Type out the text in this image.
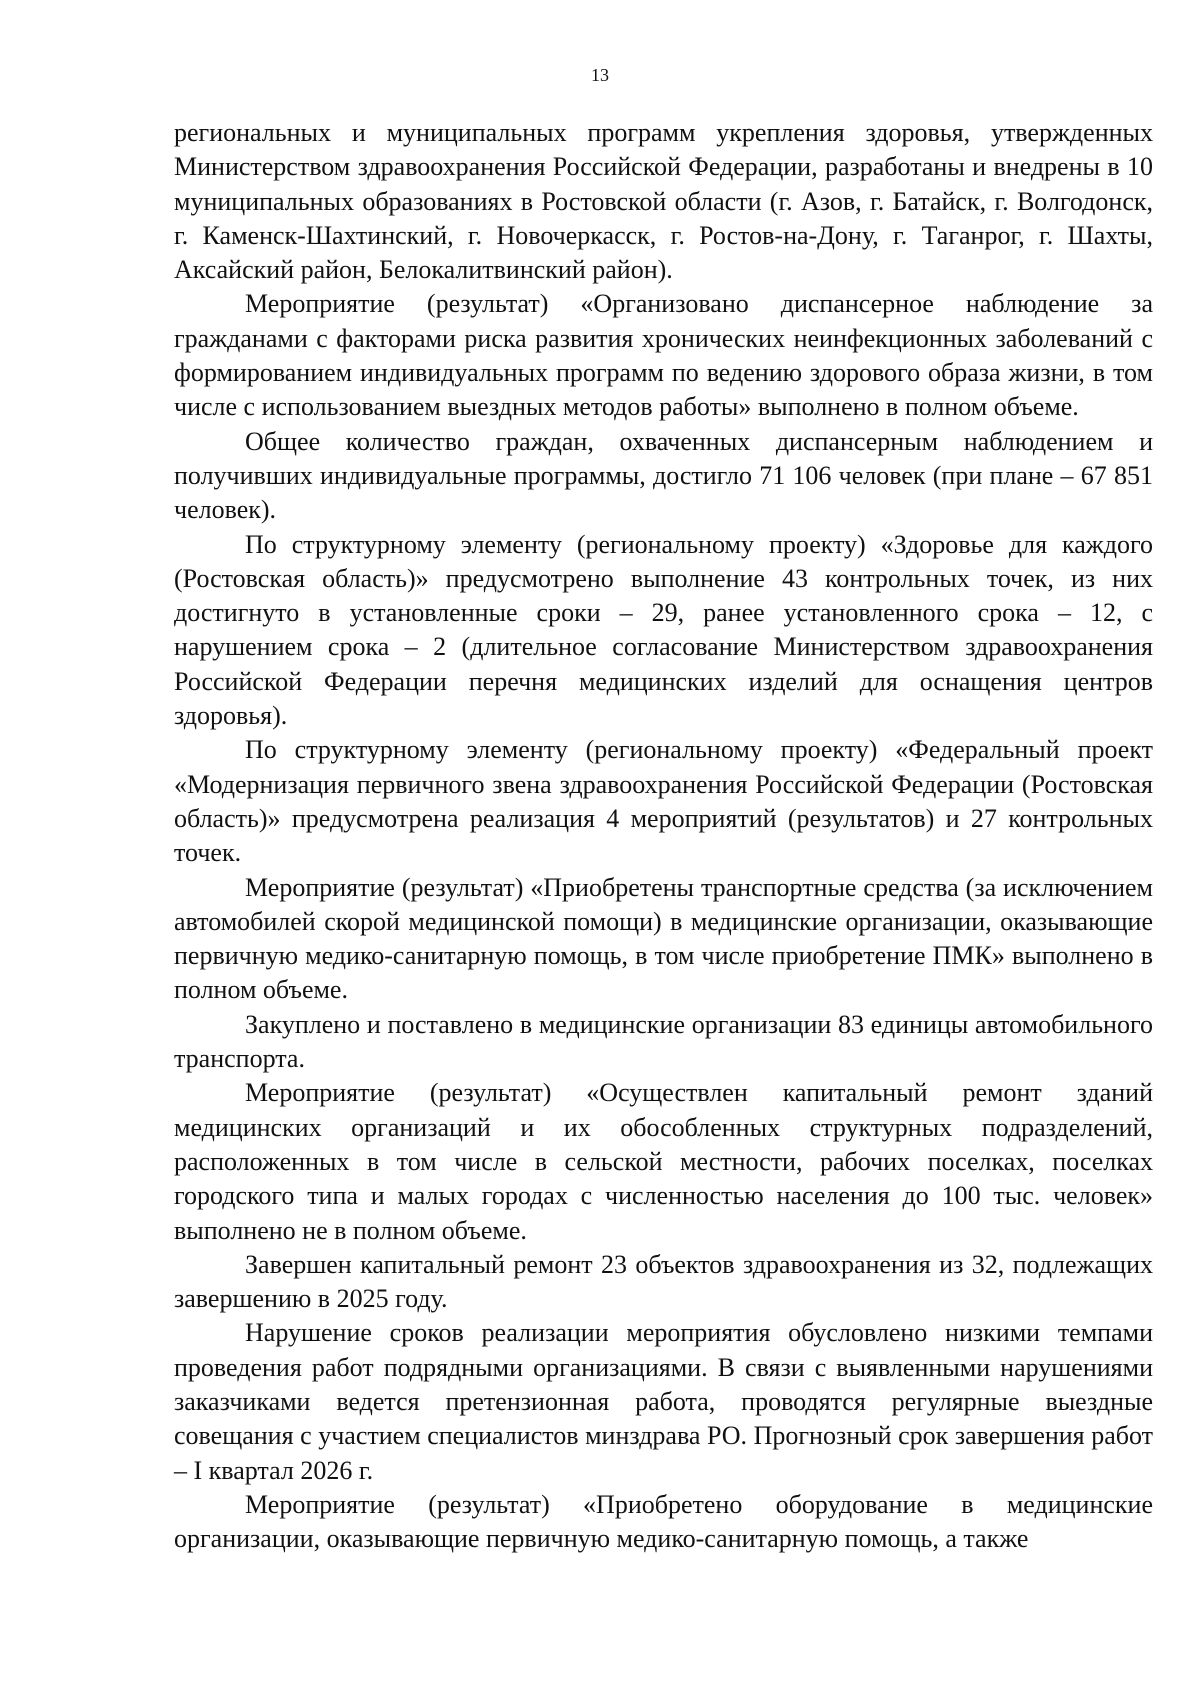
13

региональных и муниципальных программ укрепления здоровья, утвержденных Министерством здравоохранения Российской Федерации, разработаны и внедрены в 10 муниципальных образованиях в Ростовской области (г. Азов, г. Батайск, г. Волгодонск, г. Каменск-Шахтинский, г. Новочеркасск, г. Ростов-на-Дону, г. Таганрог, г. Шахты, Аксайский район, Белокалитвинский район).

Мероприятие (результат) «Организовано диспансерное наблюдение за гражданами с факторами риска развития хронических неинфекционных заболеваний с формированием индивидуальных программ по ведению здорового образа жизни, в том числе с использованием выездных методов работы» выполнено в полном объеме.

Общее количество граждан, охваченных диспансерным наблюдением и получивших индивидуальные программы, достигло 71 106 человек (при плане – 67 851 человек).

По структурному элементу (региональному проекту) «Здоровье для каждого (Ростовская область)» предусмотрено выполнение 43 контрольных точек, из них достигнуто в установленные сроки – 29, ранее установленного срока – 12, с нарушением срока – 2 (длительное согласование Министерством здравоохранения Российской Федерации перечня медицинских изделий для оснащения центров здоровья).

По структурному элементу (региональному проекту) «Федеральный проект «Модернизация первичного звена здравоохранения Российской Федерации (Ростовская область)» предусмотрена реализация 4 мероприятий (результатов) и 27 контрольных точек.

Мероприятие (результат) «Приобретены транспортные средства (за исключением автомобилей скорой медицинской помощи) в медицинские организации, оказывающие первичную медико-санитарную помощь, в том числе приобретение ПМК» выполнено в полном объеме.

Закуплено и поставлено в медицинские организации 83 единицы автомобильного транспорта.

Мероприятие (результат) «Осуществлен капитальный ремонт зданий медицинских организаций и их обособленных структурных подразделений, расположенных в том числе в сельской местности, рабочих поселках, поселках городского типа и малых городах с численностью населения до 100 тыс. человек» выполнено не в полном объеме.

Завершен капитальный ремонт 23 объектов здравоохранения из 32, подлежащих завершению в 2025 году.

Нарушение сроков реализации мероприятия обусловлено низкими темпами проведения работ подрядными организациями. В связи с выявленными нарушениями заказчиками ведется претензионная работа, проводятся регулярные выездные совещания с участием специалистов минздрава РО. Прогнозный срок завершения работ – I квартал 2026 г.

Мероприятие (результат) «Приобретено оборудование в медицинские организации, оказывающие первичную медико-санитарную помощь, а также
